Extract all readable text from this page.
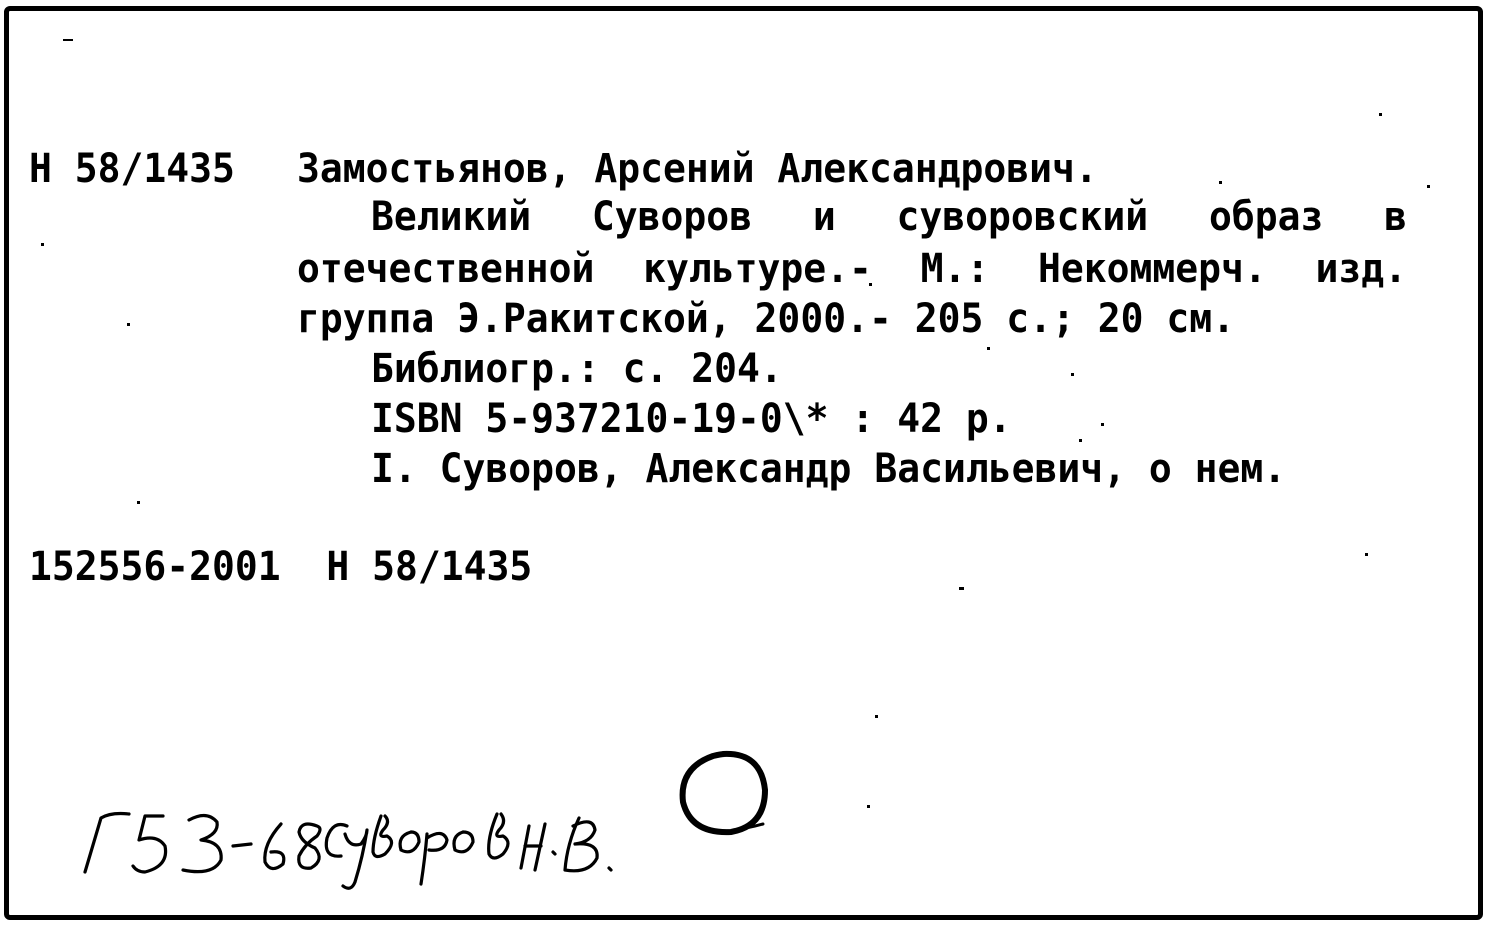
Н 58/1435 Замостьянов, Арсений Александрович.
Великий Суворов и суворовский образ в
отечественной культуре.- М.: Некоммерч. изд.
группа Э.Ракитской, 2000.- 205 с.; 20 см.
Библиогр.: с. 204.
ISBN 5-937210-19-0\* : 42 р.
I. Суворов, Александр Васильевич, о нем.
152556-2001  Н 58/1435
